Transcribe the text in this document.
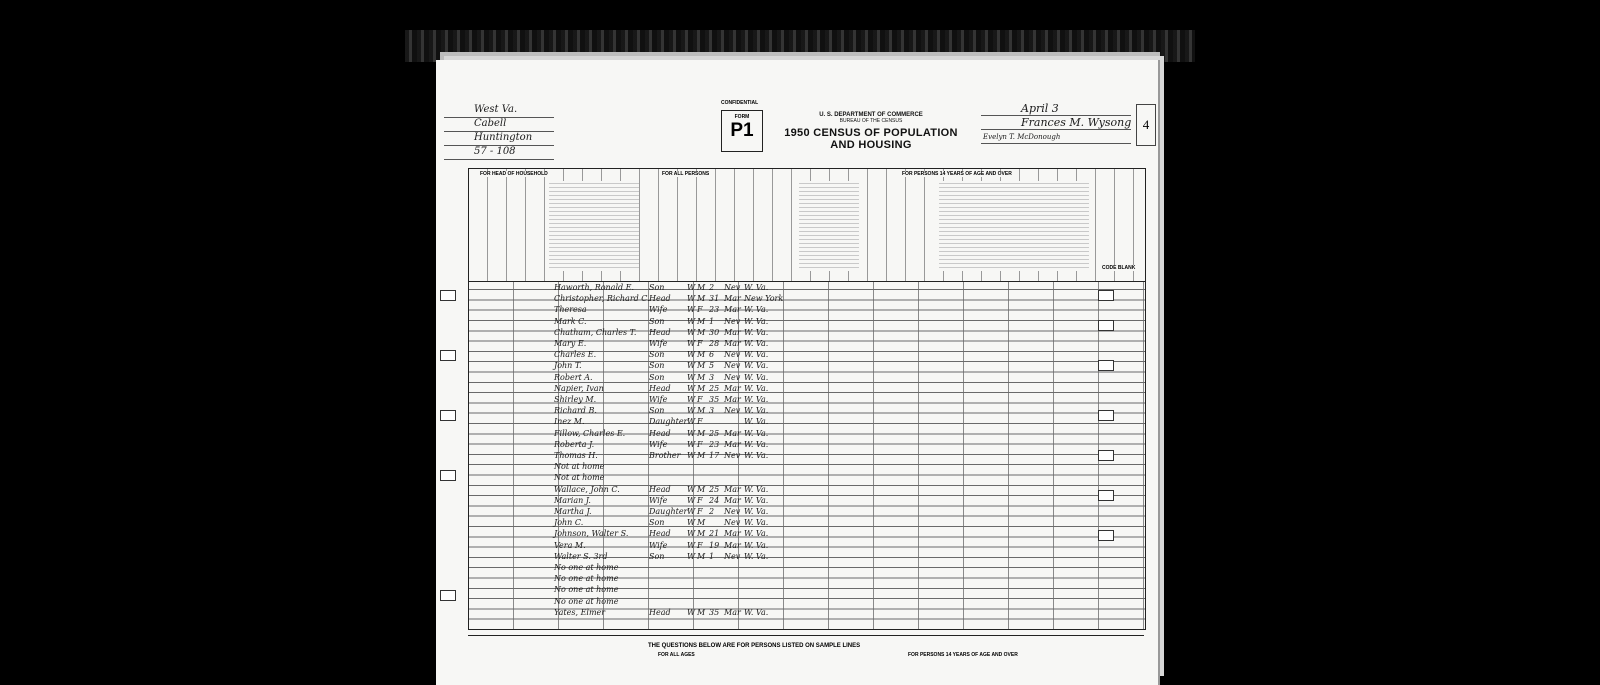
West Va.
Cabell
Huntington
57 - 108
CONFIDENTIAL
FORM
P1
U. S. DEPARTMENT OF COMMERCE
BUREAU OF THE CENSUS
1950 CENSUS OF POPULATION AND HOUSING
April 3
Frances M. Wysong
Evelyn T. McDonough
4
FOR HEAD OF HOUSEHOLD	FOR ALL PERSONS	FOR PERSONS 14 YEARS OF AGE AND OVER
CODE BLANK
Haworth, Ronald E. Son	W M 2 Nev W. Va.
Christopher, Richard C. Head W M 31 Mar New York
Theresa	Wife W F 23 Mar W. Va.
Mark C.	Son	W M 1 Nev W. Va.
Chatham, Charles T. Head W M 30 Mar W. Va.
Mary E.	Wife W F 28 Mar W. Va.
Charles E.	Son	W M 6 Nev W. Va.
John T.	Son	W M 5 Nev W. Va.
Robert A.	Son	W M 3 Nev W. Va.
Napier, Ivan	Head W M 25 Mar W. Va.
Shirley M.	Wife W F 35 Mar W. Va.
Richard B.	Son	W M 3 Nev W. Va.
Inez M.	Daughter W F	W. Va.
Fillow, Charles E.	Head W M 25 Mar W. Va.
Roberta J.	Wife W F 23 Mar W. Va.
Thomas H.	Brother W M 17 Nev W. Va.
Not at home
Not at home
Wallace, John C.	Head W M 25 Mar W. Va.
Marian J.	Wife W F 24 Mar W. Va.
Martha J.	Daughter W F 2 Nev W. Va.
John C.	Son	W M Nev W. Va.
Johnson, Walter S.	Head W M 21 Mar W. Va.
Vera M.	Wife W F 19 Mar W. Va.
Walter S. 3rd	Son	W M 1 Nev W. Va.
No one at home
No one at home
No one at home
No one at home
Yates, Elmer	Head W M 35 Mar W. Va.
THE QUESTIONS BELOW ARE FOR PERSONS LISTED ON SAMPLE LINES
FOR ALL AGES	FOR PERSONS 14 YEARS OF AGE AND OVER
